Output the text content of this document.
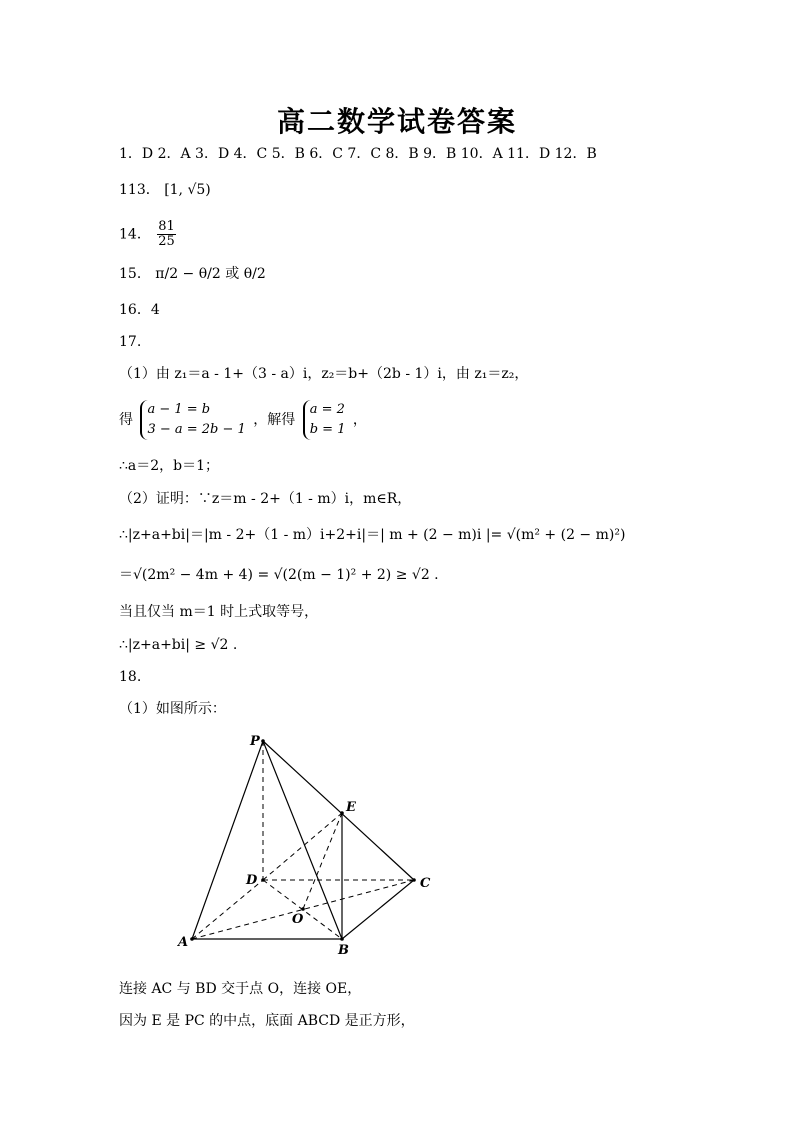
高二数学试卷答案
1．D 2．A 3．D 4．C 5．B 6．C 7．C 8．B 9．B 10．A 11．D 12．B
113． [1, √5)
14． $\frac{81}{25}$
15． π/2 − θ/2 或 θ/2
16．4
17.
（1）由 z₁＝a - 1+（3 - a）i，z₂＝b+（2b - 1）i，由 z₁＝z₂，
得
a − 1 = b
3 − a = 2b − 1
，解得
a = 2
b = 1
，
∴a＝2，b＝1；
（2）证明：∵z＝m - 2+（1 - m）i，m∈R，
∴|z+a+bi|＝|m - 2+（1 - m）i+2+i|＝| m + (2 − m)i |= √(m² + (2 − m)²)
＝√(2m² − 4m + 4) = √(2(m − 1)² + 2) ≥ √2 .
当且仅当 m＝1 时上式取等号，
∴|z+a+bi| ≥ √2 .
18.
（1）如图所示：
P
E
D	C
O
A
B
连接 AC 与 BD 交于点 O，连接 OE，
因为 E 是 PC 的中点，底面 ABCD 是正方形，
